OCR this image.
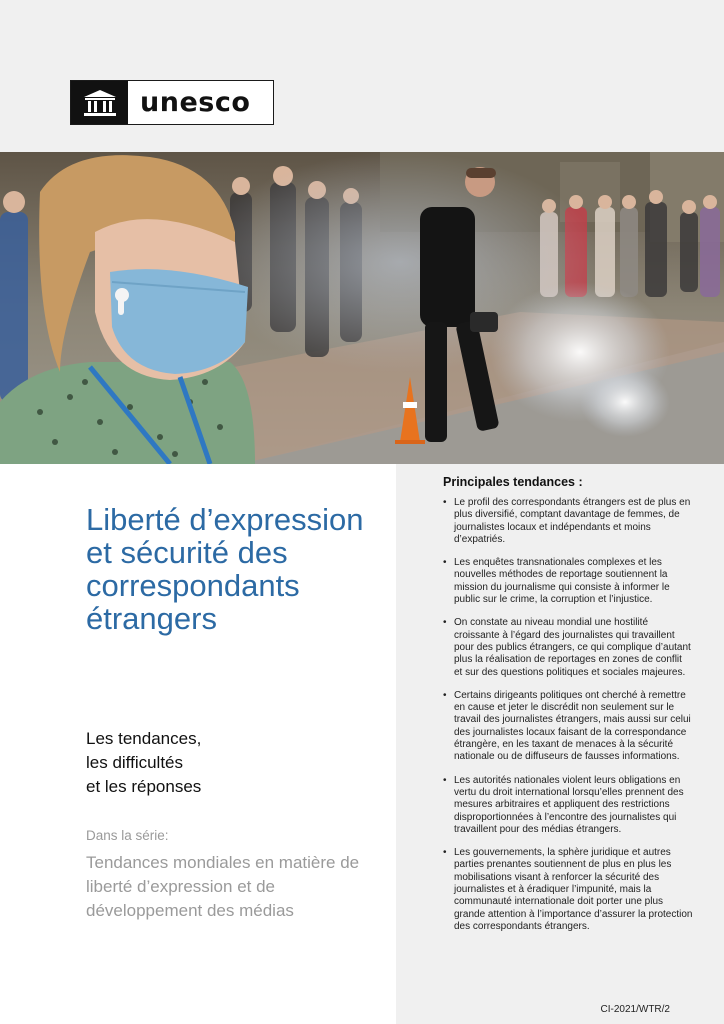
unesco
Liberté d’expression et sécurité des correspondants étrangers
Les tendances,
les difficultés
et les réponses
Dans la série:
Tendances mondiales en matière de liberté d’expression et de développement des médias
Principales tendances :
• Le profil des correspondants étrangers est de plus en plus diversifié, comptant davantage de femmes, de journalistes locaux et indépendants et moins d’expatriés.
• Les enquêtes transnationales complexes et les nouvelles méthodes de reportage soutiennent la mission du journalisme qui consiste à informer le public sur le crime, la corruption et l’injustice.
• On constate au niveau mondial une hostilité croissante à l’égard des journalistes qui travaillent pour des publics étrangers, ce qui complique d’autant plus la réalisation de reportages en zones de conflit et sur des questions politiques et sociales majeures.
• Certains dirigeants politiques ont cherché à remettre en cause et jeter le discrédit non seulement sur le travail des journalistes étrangers, mais aussi sur celui des journalistes locaux faisant de la correspondance étrangère, en les taxant de menaces à la sécurité nationale ou de diffuseurs de fausses informations.
• Les autorités nationales violent leurs obligations en vertu du droit international lorsqu’elles prennent des mesures arbitraires et appliquent des restrictions disproportionnées à l’encontre des journalistes qui travaillent pour des médias étrangers.
• Les gouvernements, la sphère juridique et autres parties prenantes soutiennent de plus en plus les mobilisations visant à renforcer la sécurité des journalistes et à éradiquer l’impunité, mais la communauté internationale doit porter une plus grande attention à l’importance d’assurer la protection des correspondants étrangers.
CI-2021/WTR/2
